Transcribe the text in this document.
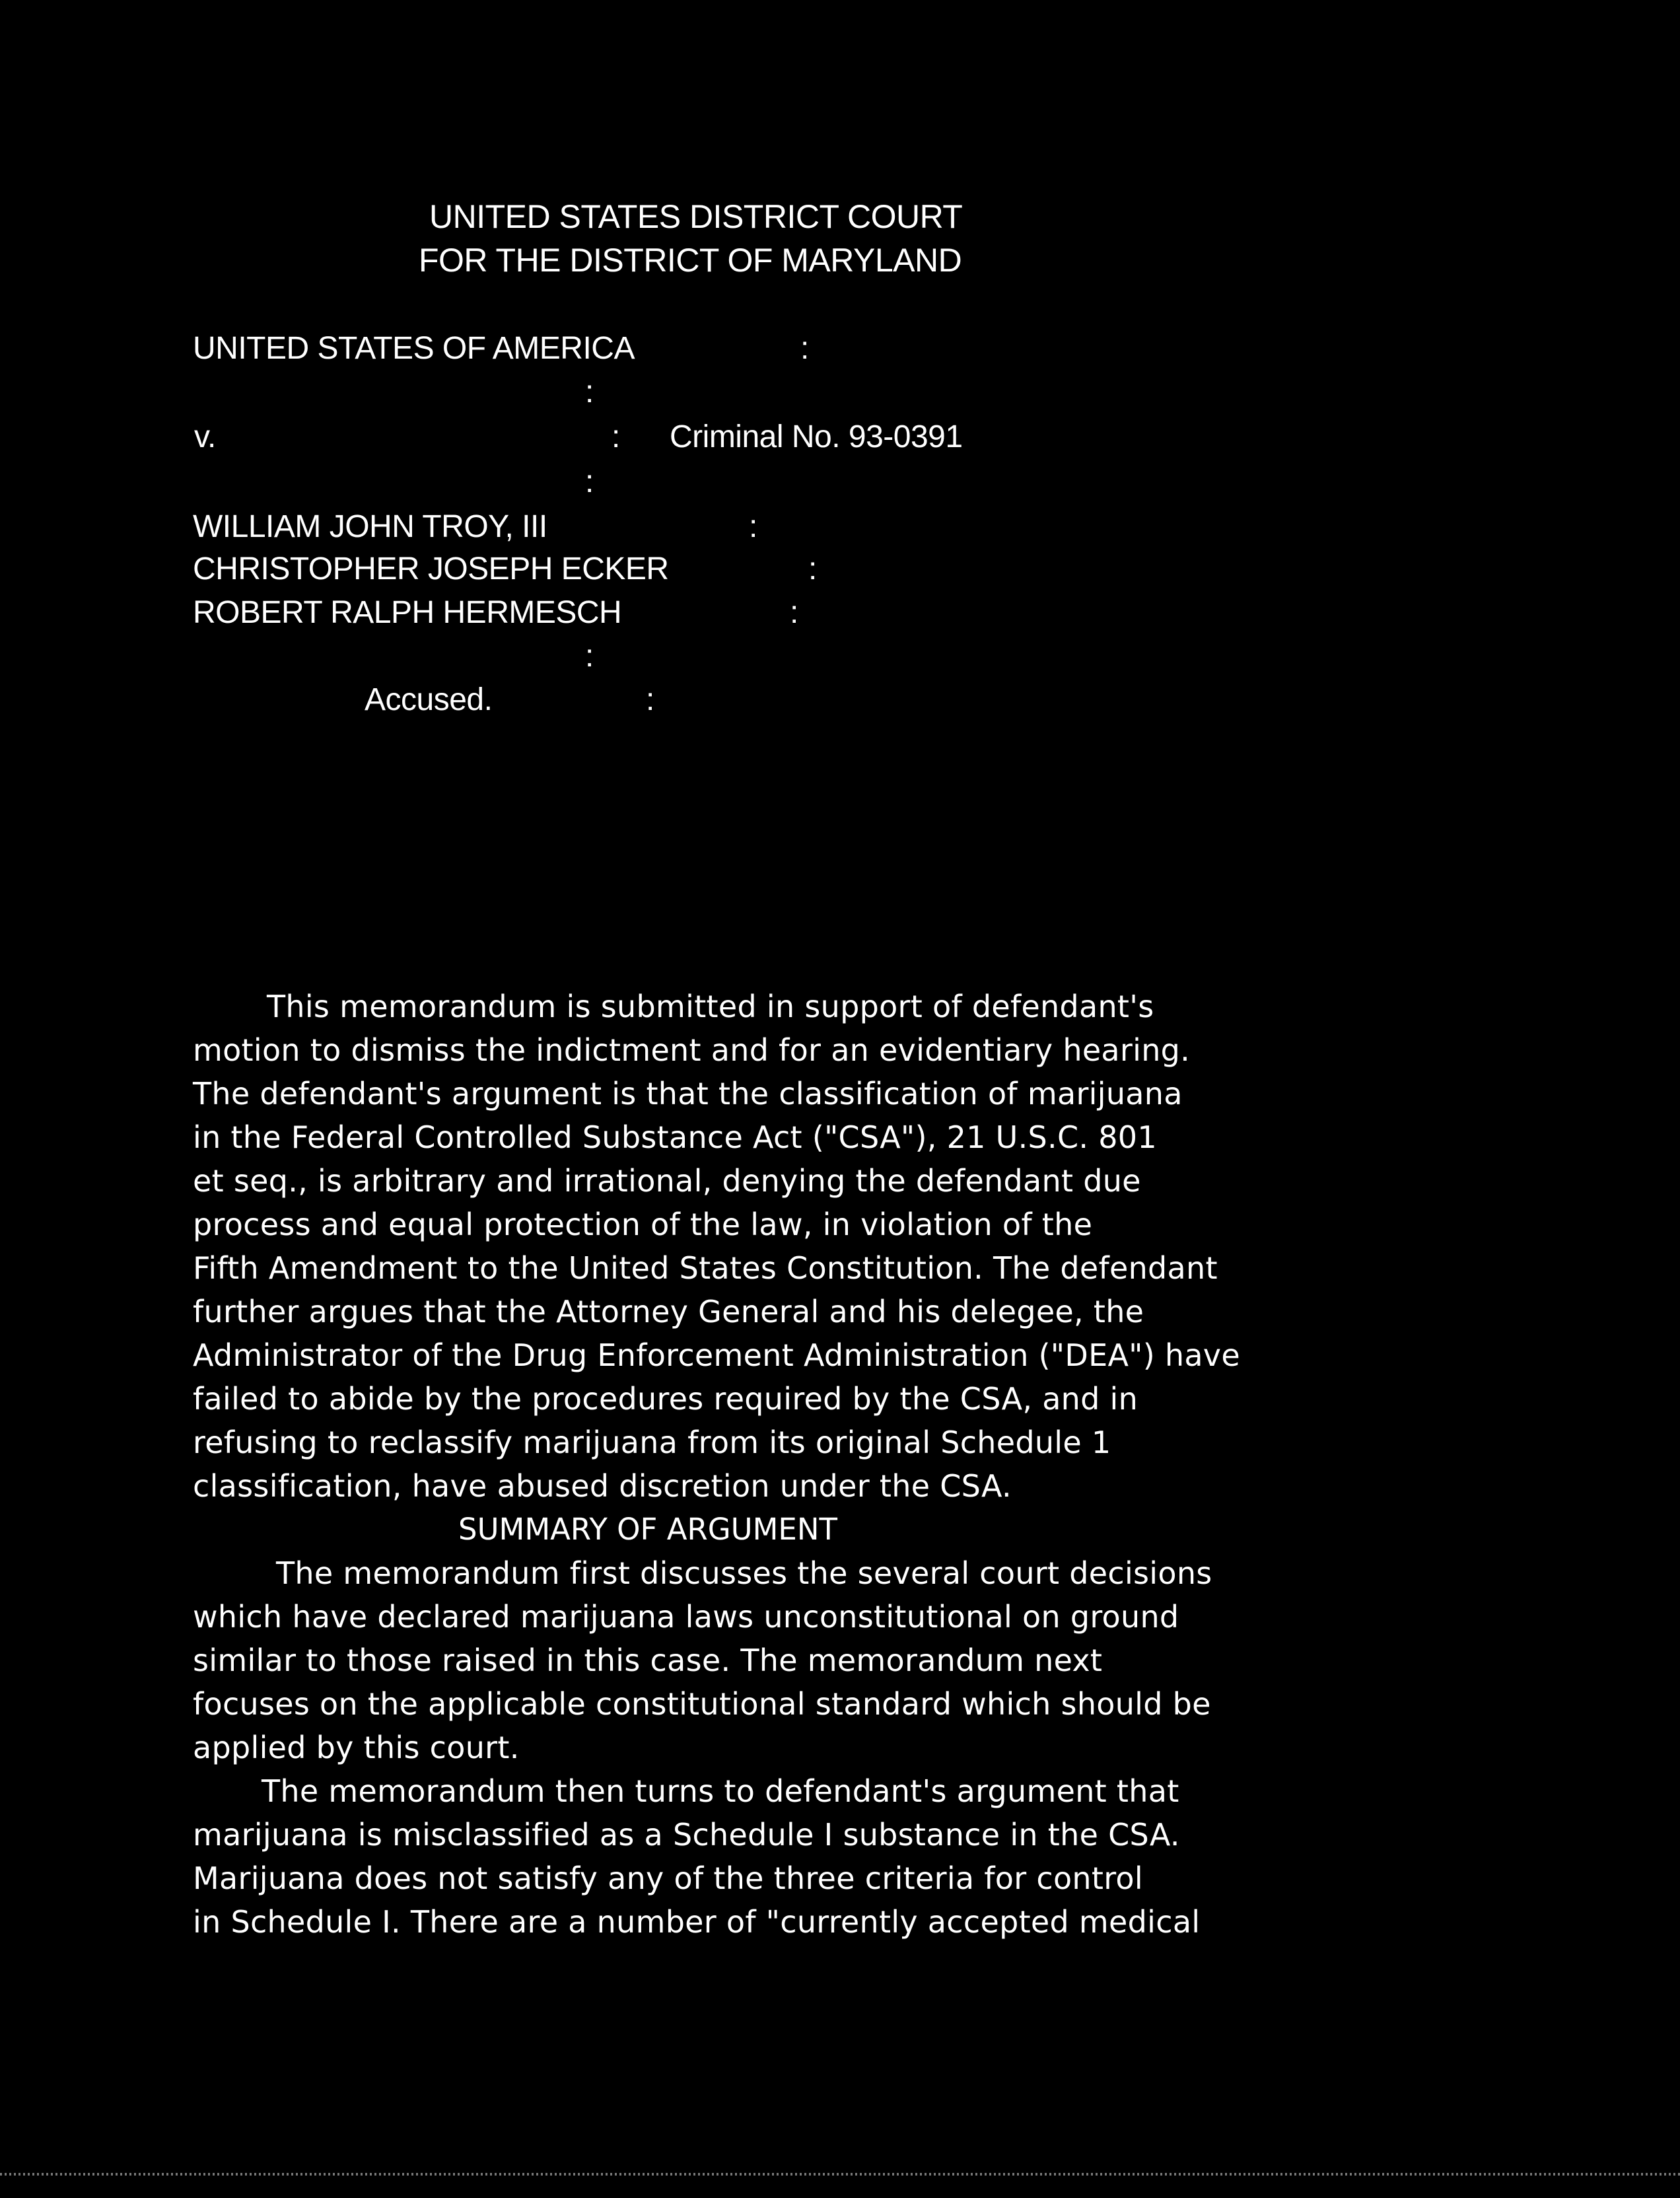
UNITED STATES DISTRICT COURT
FOR THE DISTRICT OF MARYLAND
UNITED STATES OF AMERICA	:
:
v.	: Criminal No. 93-0391
:
WILLIAM JOHN TROY, III	:
CHRISTOPHER JOSEPH ECKER	:
ROBERT RALPH HERMESCH	:
:
Accused.	:
This memorandum is submitted in support of defendant's
motion to dismiss the indictment and for an evidentiary hearing.
The defendant's argument is that the classification of marijuana
in the Federal Controlled Substance Act ("CSA"), 21 U.S.C. 801
et seq., is arbitrary and irrational, denying the defendant due
process and equal protection of the law, in violation of the
Fifth Amendment to the United States Constitution. The defendant
further argues that the Attorney General and his delegee, the
Administrator of the Drug Enforcement Administration ("DEA") have
failed to abide by the procedures required by the CSA, and in
refusing to reclassify marijuana from its original Schedule 1
classification, have abused discretion under the CSA.
SUMMARY OF ARGUMENT
The memorandum first discusses the several court decisions
which have declared marijuana laws unconstitutional on ground
similar to those raised in this case. The memorandum next
focuses on the applicable constitutional standard which should be
applied by this court.
The memorandum then turns to defendant's argument that
marijuana is misclassified as a Schedule I substance in the CSA.
Marijuana does not satisfy any of the three criteria for control
in Schedule I. There are a number of "currently accepted medical
